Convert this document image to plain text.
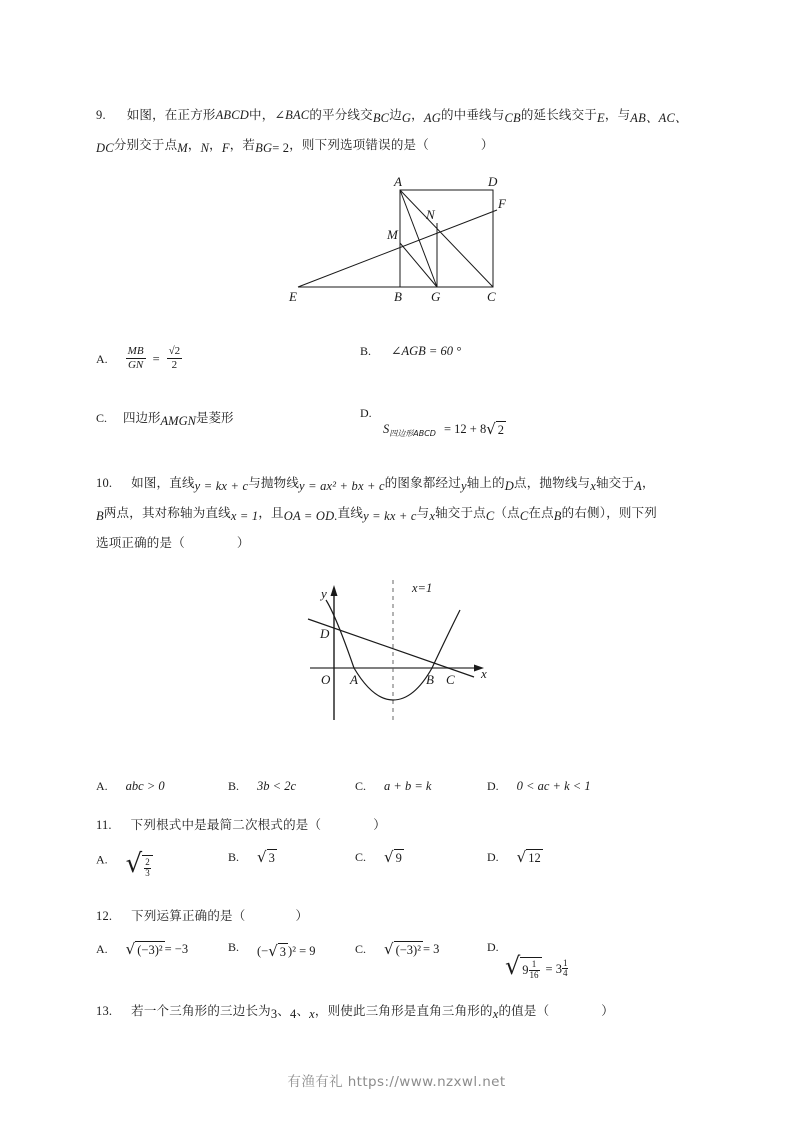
9. 如图，在正方形ABCD中，∠BAC的平分线交BC边G，AG的中垂线与CB的延长线交于E，与AB、AC、
DC分别交于点M，N，F，若BG= 2，则下列选项错误的是（	）
A	D
F
N
M
E	B G	C
A. $\frac{MB}{GN} = \frac{√2}{2}$	B. ∠AGB = 60 °
C. 四边形AMGN是菱形	D.
S四边形ABCD = 12 + 8√ 2
10. 如图，直线y = kx + c与抛物线y = ax² + bx + c的图象都经过y轴上的D点，抛物线与x轴交于A，
B两点，其对称轴为直线x = 1，且OA = OD.直线y = kx + c与x轴交于点C（点C在点B的右侧），则下列
选项正确的是（	）
y
x
O
D
A	B C
x=1
A. abc > 0	B. 3b < 2c	C. a + b = k	D. 0 < ac + k < 1
11. 下列根式中是最简二次根式的是（	）
A. √ $\frac{2}{3}$
B. √ 3	C. √ 9	D. √ 12
12. 下列运算正确的是（	）
A. √ (−3)² = −3	$^{B.}$ (−√ 3 )² = 9	C. √ (−3)² = 3	D.
√ $9 \frac{1}{16} _{= 3} \frac{1}{4}$
13. 若一个三角形的三边长为3、4、x，则使此三角形是直角三角形的x的值是（	）
有渔有礼 https://www.nzxwl.net
